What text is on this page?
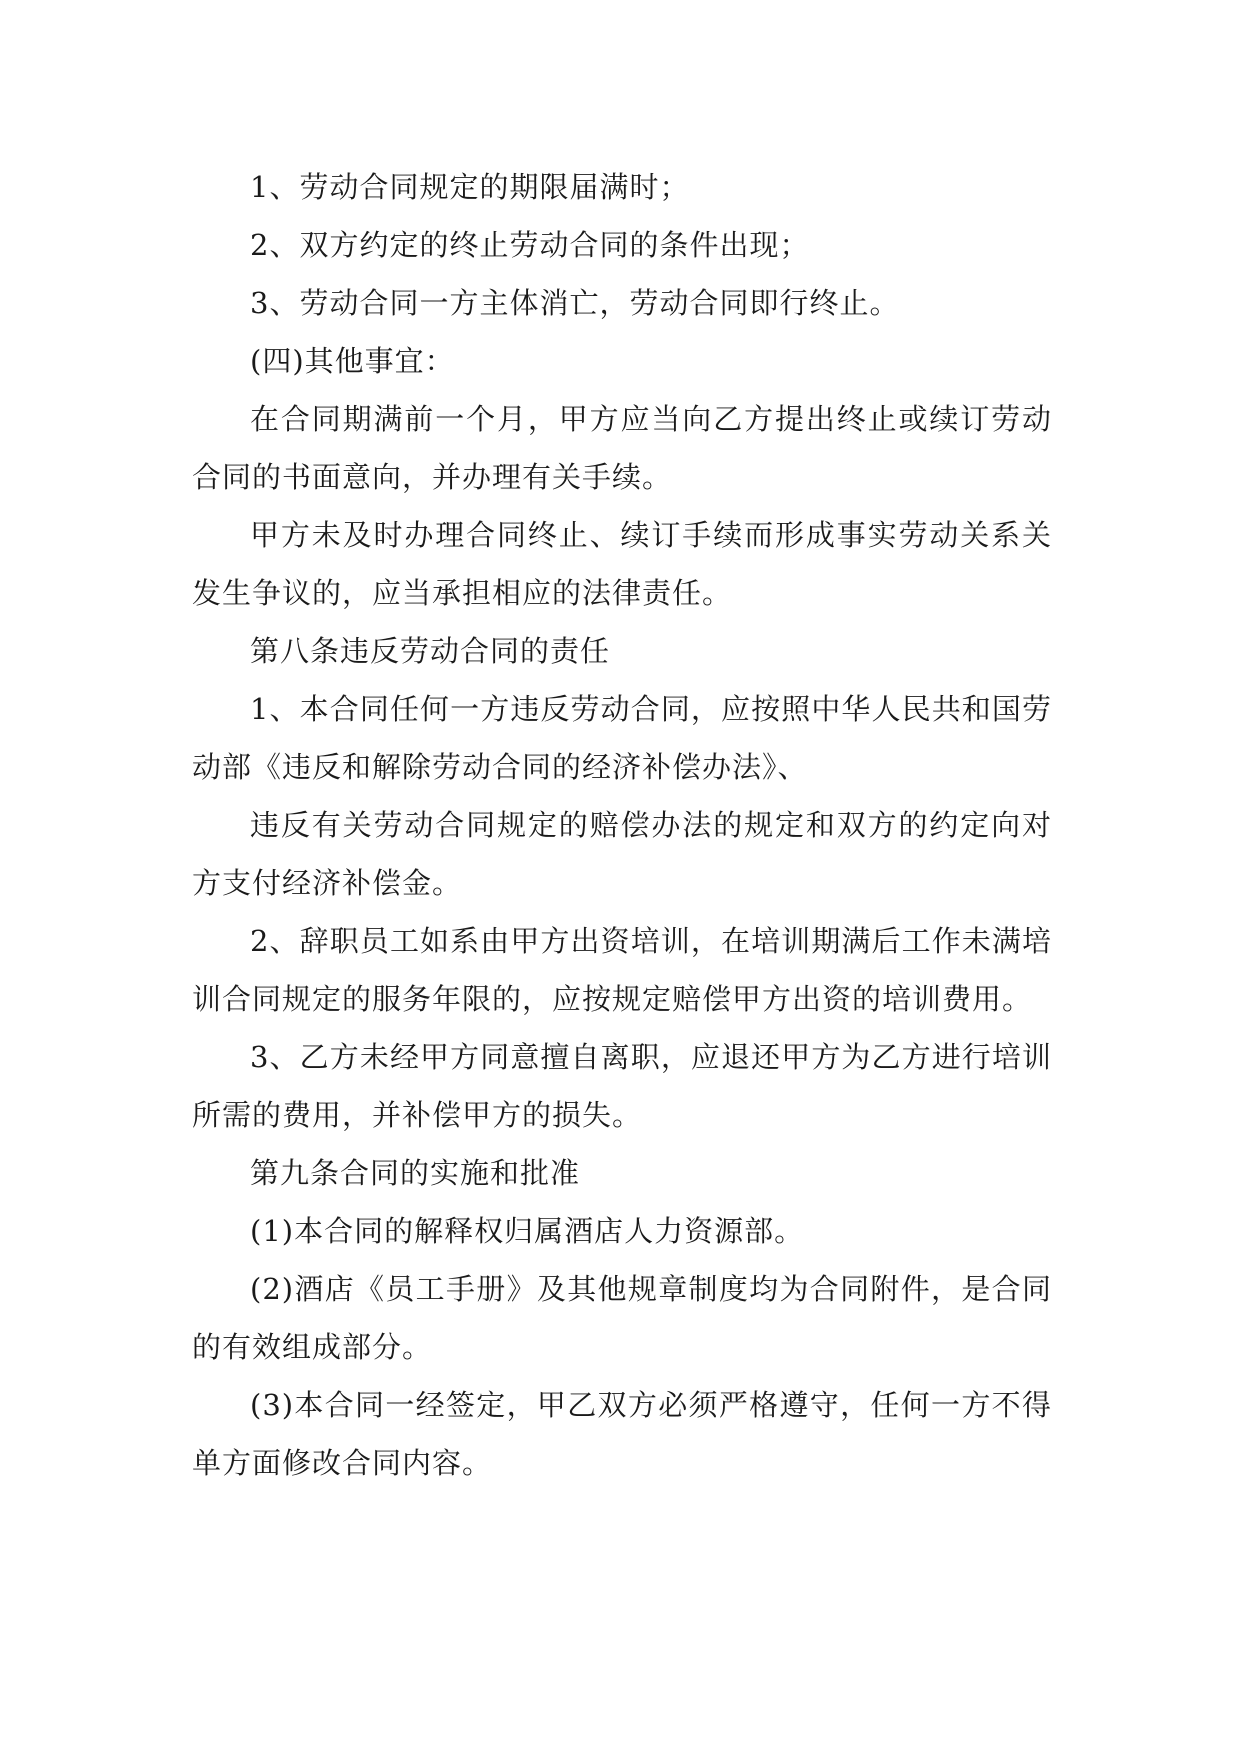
1、劳动合同规定的期限届满时；

2、双方约定的终止劳动合同的条件出现；

3、劳动合同一方主体消亡，劳动合同即行终止。

(四)其他事宜：

在合同期满前一个月，甲方应当向乙方提出终止或续订劳动合同的书面意向，并办理有关手续。

甲方未及时办理合同终止、续订手续而形成事实劳动关系关发生争议的，应当承担相应的法律责任。

第八条违反劳动合同的责任

1、本合同任何一方违反劳动合同，应按照中华人民共和国劳动部《违反和解除劳动合同的经济补偿办法》、

违反有关劳动合同规定的赔偿办法的规定和双方的约定向对方支付经济补偿金。

2、辞职员工如系由甲方出资培训，在培训期满后工作未满培训合同规定的服务年限的，应按规定赔偿甲方出资的培训费用。

3、乙方未经甲方同意擅自离职，应退还甲方为乙方进行培训所需的费用，并补偿甲方的损失。

第九条合同的实施和批准

(1)本合同的解释权归属酒店人力资源部。

(2)酒店《员工手册》及其他规章制度均为合同附件，是合同的有效组成部分。

(3)本合同一经签定，甲乙双方必须严格遵守，任何一方不得单方面修改合同内容。
